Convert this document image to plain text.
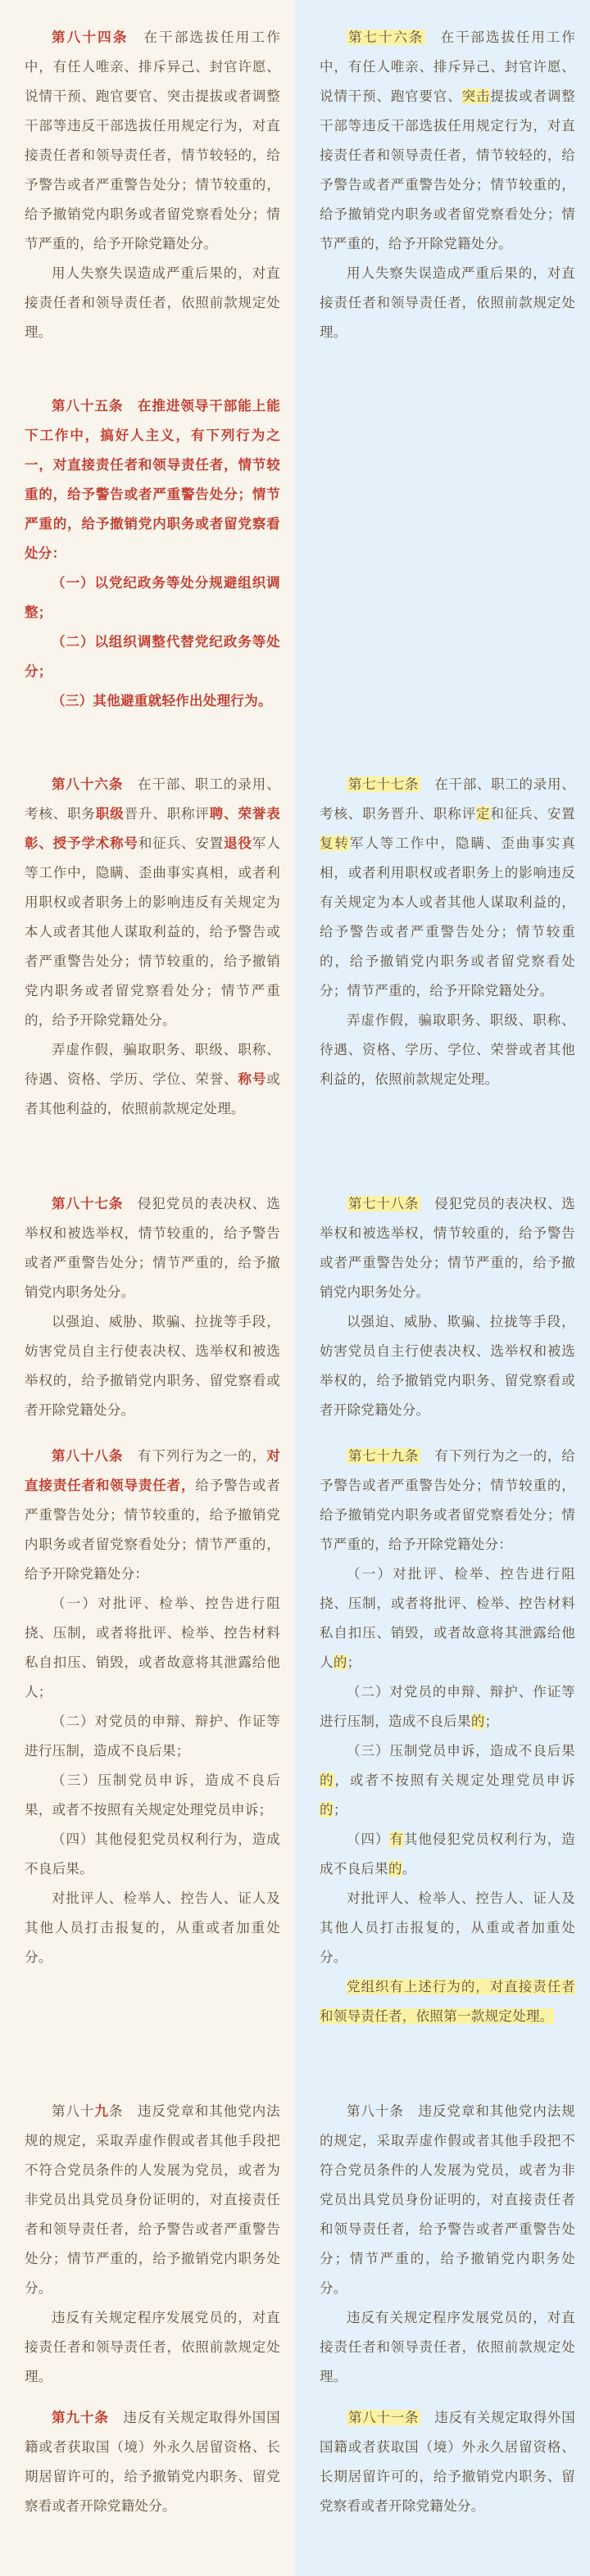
第八十四条　 在干部选拔任用工作中，有任人唯亲、排斥异己、封官许愿、说情干预、跑官要官、突击提拔或者调整干部等违反干部选拔任用规定行为，对直接责任者和领导责任者，情节较轻的，给予警告或者严重警告处分；情节较重的，给予撤销党内职务或者留党察看处分；情节严重的，给予开除党籍处分。

用人失察失误造成严重后果的，对直接责任者和领导责任者，依照前款规定处理。

第八十五条　 在推进领导干部能上能下工作中，搞好人主义，有下列行为之一，对直接责任者和领导责任者，情节较重的，给予警告或者严重警告处分；情节严重的，给予撤销党内职务或者留党察看处分：

（一）以党纪政务等处分规避组织调整；

（二）以组织调整代替党纪政务等处分；

（三）其他避重就轻作出处理行为。

第八十六条　 在干部、职工的录用、考核、职务职级晋升、职称评聘、荣誉表彰、授予学术称号和征兵、安置退役军人等工作中，隐瞒、歪曲事实真相，或者利用职权或者职务上的影响违反有关规定为本人或者其他人谋取利益的，给予警告或者严重警告处分；情节较重的，给予撤销党内职务或者留党察看处分；情节严重的，给予开除党籍处分。

弄虚作假，骗取职务、职级、职称、待遇、资格、学历、学位、荣誉、称号或者其他利益的，依照前款规定处理。

第八十七条　 侵犯党员的表决权、选举权和被选举权，情节较重的，给予警告或者严重警告处分；情节严重的，给予撤销党内职务处分。

以强迫、威胁、欺骗、拉拢等手段，妨害党员自主行使表决权、选举权和被选举权的，给予撤销党内职务、留党察看或者开除党籍处分。

第八十八条　 有下列行为之一的，对直接责任者和领导责任者，给予警告或者严重警告处分；情节较重的，给予撤销党内职务或者留党察看处分；情节严重的，给予开除党籍处分：

（一）对批评、检举、控告进行阻挠、压制，或者将批评、检举、控告材料私自扣压、销毁，或者故意将其泄露给他人；

（二）对党员的申辩、辩护、作证等进行压制，造成不良后果；

（三）压制党员申诉，造成不良后果，或者不按照有关规定处理党员申诉；

（四）其他侵犯党员权利行为，造成不良后果。

对批评人、检举人、控告人、证人及其他人员打击报复的，从重或者加重处分。

第八十九条　 违反党章和其他党内法规的规定，采取弄虚作假或者其他手段把不符合党员条件的人发展为党员，或者为非党员出具党员身份证明的，对直接责任者和领导责任者，给予警告或者严重警告处分；情节严重的，给予撤销党内职务处分。

违反有关规定程序发展党员的，对直接责任者和领导责任者，依照前款规定处理。

第九十条　 违反有关规定取得外国国籍或者获取国（境）外永久居留资格、长期居留许可的，给予撤销党内职务、留党察看或者开除党籍处分。

第七十六条　 在干部选拔任用工作中，有任人唯亲、排斥异己、封官许愿、说情干预、跑官要官、突击提拔或者调整干部等违反干部选拔任用规定行为，对直接责任者和领导责任者，情节较轻的，给予警告或者严重警告处分；情节较重的，给予撤销党内职务或者留党察看处分；情节严重的，给予开除党籍处分。

用人失察失误造成严重后果的，对直接责任者和领导责任者，依照前款规定处理。

第七十七条　 在干部、职工的录用、考核、职务晋升、职称评定和征兵、安置复转军人等工作中，隐瞒、歪曲事实真相，或者利用职权或者职务上的影响违反有关规定为本人或者其他人谋取利益的，给予警告或者严重警告处分；情节较重的，给予撤销党内职务或者留党察看处分；情节严重的，给予开除党籍处分。

弄虚作假，骗取职务、职级、职称、待遇、资格、学历、学位、荣誉或者其他利益的，依照前款规定处理。

第七十八条　 侵犯党员的表决权、选举权和被选举权，情节较重的，给予警告或者严重警告处分；情节严重的，给予撤销党内职务处分。

以强迫、威胁、欺骗、拉拢等手段，妨害党员自主行使表决权、选举权和被选举权的，给予撤销党内职务、留党察看或者开除党籍处分。

第七十九条　 有下列行为之一的，给予警告或者严重警告处分；情节较重的，给予撤销党内职务或者留党察看处分；情节严重的，给予开除党籍处分：

（一）对批评、检举、控告进行阻挠、压制，或者将批评、检举、控告材料私自扣压、销毁，或者故意将其泄露给他人的；

（二）对党员的申辩、辩护、作证等进行压制，造成不良后果的；

（三）压制党员申诉，造成不良后果的，或者不按照有关规定处理党员申诉的；

（四）有其他侵犯党员权利行为，造成不良后果的。

对批评人、检举人、控告人、证人及其他人员打击报复的，从重或者加重处分。

党组织有上述行为的，对直接责任者和领导责任者，依照第一款规定处理。

第八十条　 违反党章和其他党内法规的规定，采取弄虚作假或者其他手段把不符合党员条件的人发展为党员，或者为非党员出具党员身份证明的，对直接责任者和领导责任者，给予警告或者严重警告处分；情节严重的，给予撤销党内职务处分。

违反有关规定程序发展党员的，对直接责任者和领导责任者，依照前款规定处理。

第八十一条　 违反有关规定取得外国国籍或者获取国（境）外永久居留资格、长期居留许可的，给予撤销党内职务、留党察看或者开除党籍处分。
